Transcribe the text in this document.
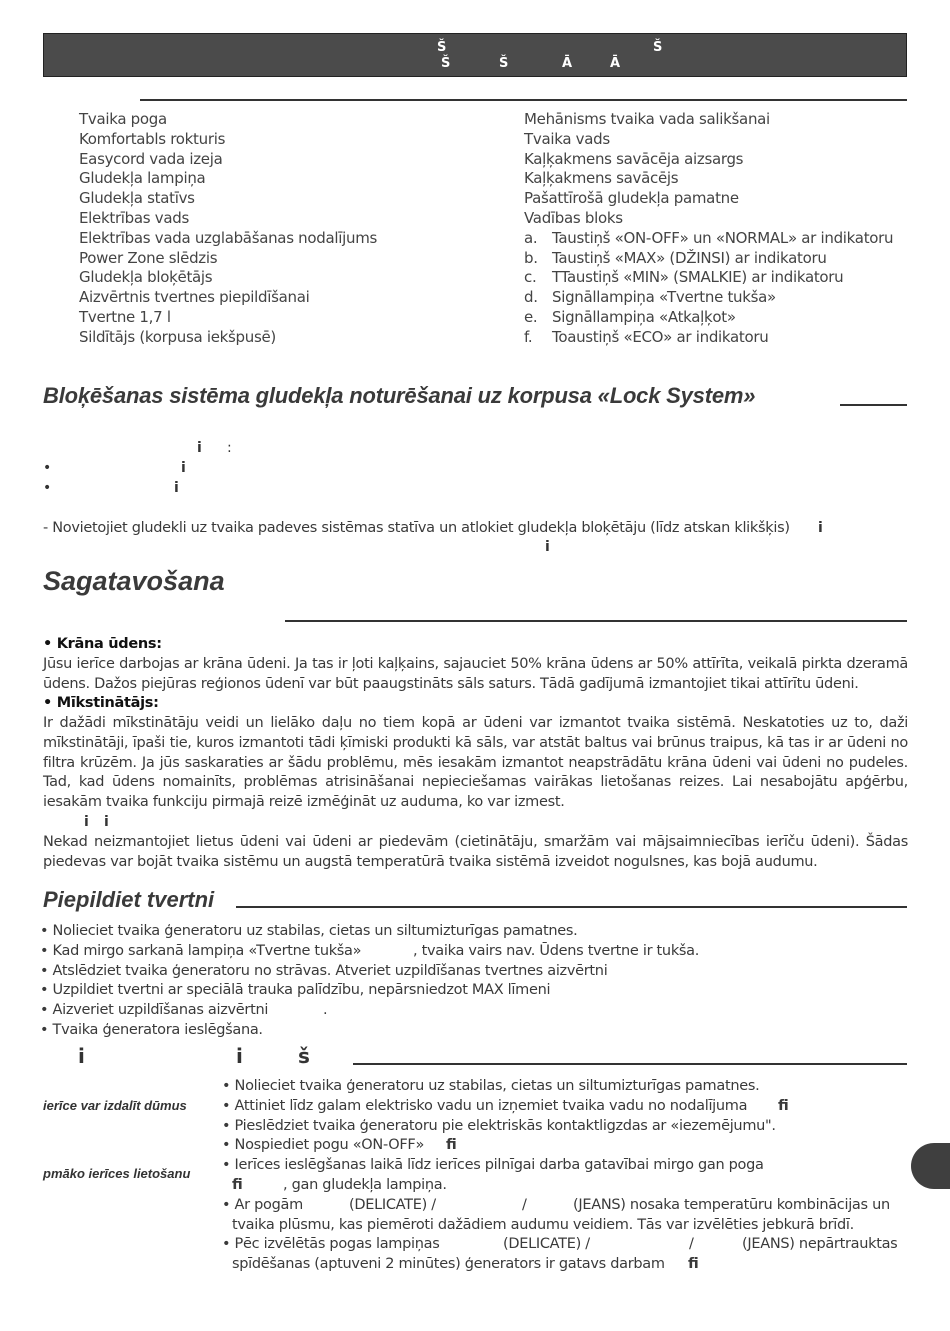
Š	Š
Š	Š	Ā	Ā
Tvaika poga
Komfortabls rokturis
Easycord vada izeja
Gludekļa lampiņa
Gludekļa statīvs
Elektrības vads
Elektrības vada uzglabāšanas nodalījums
Power Zone slēdzis
Gludekļa bloķētājs
Aizvērtnis tvertnes piepildīšanai
Tvertne 1,7 l
Sildītājs (korpusa iekšpusē)
Mehānisms tvaika vada salikšanai
Tvaika vads
Kaļķakmens savācēja aizsargs
Kaļķakmens savācējs
Pašattīrošā gludekļa pamatne
Vadības bloks
a. Taustiņš «ON-OFF» un «NORMAL» ar indikatoru
b. Taustiņš «MAX» (DŽINSI) ar indikatoru
c. TTaustiņš «MIN» (SMALKIE) ar indikatoru
d. Signāllampiņa «Tvertne tukša»
e. Signāllampiņa «Atkaļķot»
f. Toaustiņš «ECO» ar indikatoru
Bloķēšanas sistēma gludekļa noturēšanai uz korpusa «Lock System»
i :
•	i
•	i
- Novietojiet gludekli uz tvaika padeves sistēmas statīva un atlokiet gludekļa bloķētāju (līdz atskan klikšķis)	i
i
Sagatavošana
• Krāna ūdens:
Jūsu ierīce darbojas ar krāna ūdeni. Ja tas ir ļoti kaļķains, sajauciet 50% krāna ūdens ar 50% attīrīta, veikalā pirkta dzeramā ūdens. Dažos piejūras reģionos ūdenī var būt paaugstināts sāls saturs. Tādā gadījumā izmantojiet tikai attīrītu ūdeni.
• Mīkstinātājs:
Ir dažādi mīkstinātāju veidi un lielāko daļu no tiem kopā ar ūdeni var izmantot tvaika sistēmā. Neskatoties uz to, daži mīkstinātāji, īpaši tie, kuros izmantoti tādi ķīmiski produkti kā sāls, var atstāt baltus vai brūnus traipus, kā tas ir ar ūdeni no filtra krūzēm. Ja jūs saskaraties ar šādu problēmu, mēs iesakām izmantot neapstrādātu krāna ūdeni vai ūdeni no pudeles. Tad, kad ūdens nomainīts, problēmas atrisināšanai nepieciešamas vairākas lietošanas reizes. Lai nesabojātu apģērbu, iesakām tvaika funkciju pirmajā reizē izmēģināt uz auduma, ko var izmest.
i i
Nekad neizmantojiet lietus ūdeni vai ūdeni ar piedevām (cietinātāju, smaržām vai mājsaimniecības ierīču ūdeni). Šādas piedevas var bojāt tvaika sistēmu un augstā temperatūrā tvaika sistēmā izveidot nogulsnes, kas bojā audumu.
Piepildiet tvertni
• Nolieciet tvaika ģeneratoru uz stabilas, cietas un siltumizturīgas pamatnes.
• Kad mirgo sarkanā lampiņa «Tvertne tukša»	, tvaika vairs nav. Ūdens tvertne ir tukša.
• Atslēdziet tvaika ģeneratoru no strāvas. Atveriet uzpildīšanas tvertnes aizvērtni
• Uzpildiet tvertni ar speciālā trauka palīdzību, nepārsniedzot MAX līmeni
• Aizveriet uzpildīšanas aizvērtni	.
• Tvaika ģeneratora ieslēgšana.
i	i	š
ierīce var izdalīt dūmus
pmāko ierīces lietošanu
• Nolieciet tvaika ģeneratoru uz stabilas, cietas un siltumizturīgas pamatnes.
• Attiniet līdz galam elektrisko vadu un izņemiet tvaika vadu no nodalījuma ﬁ
• Pieslēdziet tvaika ģeneratoru pie elektriskās kontaktligzdas ar «iezemējumu".
• Nospiediet pogu «ON-OFF» ﬁ
• Ierīces ieslēgšanas laikā līdz ierīces pilnīgai darba gatavībai mirgo gan poga
ﬁ	, gan gludekļa lampiņa.
• Ar pogām	(DELICATE) /	/	(JEANS) nosaka temperatūru kombinācijas un
tvaika plūsmu, kas piemēroti dažādiem audumu veidiem. Tās var izvēlēties jebkurā brīdī.
• Pēc izvēlētās pogas lampiņas	(DELICATE) /	/	(JEANS) nepārtrauktas
spīdēšanas (aptuveni 2 minūtes) ģenerators ir gatavs darbam ﬁ
